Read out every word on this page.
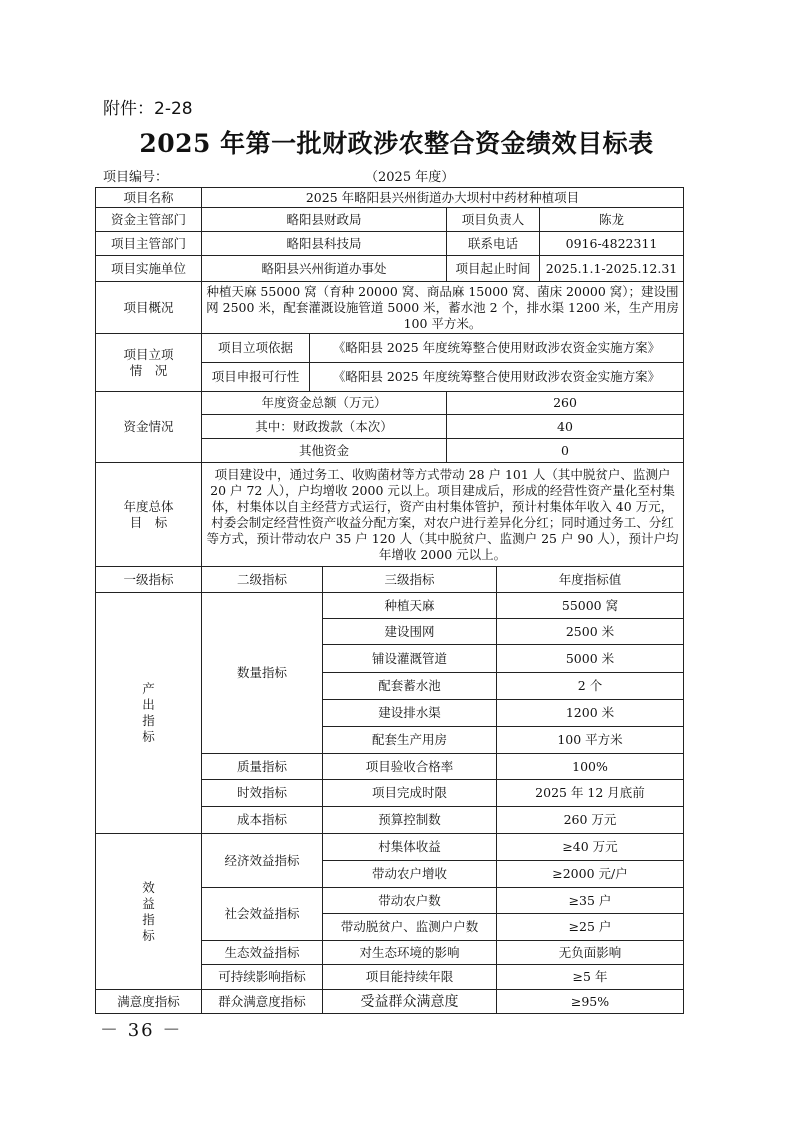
附件：2-28
2025 年第一批财政涉农整合资金绩效目标表
项目编号：	（2025 年度）
项目名称	2025 年略阳县兴州街道办大坝村中药材种植项目					
资金主管部门	略阳县财政局			项目负责人		陈龙
项目主管部门	略阳县科技局			联系电话		0916-4822311
项目实施单位	略阳县兴州街道办事处			项目起止时间		2025.1.1-2025.12.31
项目概况	种植天麻 55000 窝（育种 20000 窝、商品麻 15000 窝、菌床 20000 窝）；建设围网 2500 米，配套灌溉设施管道 5000 米，蓄水池 2 个，排水渠 1200 米，生产用房 100 平方米。					

项目立项
情　况	项目立项依据	《略阳县 2025 年度统筹整合使用财政涉农资金实施方案》				
	项目申报可行性	《略阳县 2025 年度统筹整合使用财政涉农资金实施方案》				
资金情况	年度资金总额（万元）			260		
	其中：财政拨款（本次）			40		
	其他资金			0		

年度总体
目　标	项目建设中，通过务工、收购菌材等方式带动 28 户 101 人（其中脱贫户、监测户 20 户 72 人），户均增收 2000 元以上。项目建成后，形成的经营性资产量化至村集体，村集体以自主经营方式运行，资产由村集体管护，预计村集体年收入 40 万元，村委会制定经营性资产收益分配方案，对农户进行差异化分红；同时通过务工、分红等方式，预计带动农户 35 户 120 人（其中脱贫户、监测户 25 户 90 人），预计户均年增收 2000 元以上。					
一级指标	二级指标		三级指标		年度指标值	

产
出
指
标	数量指标		种植天麻		55000 窝	
			建设围网		2500 米	
			铺设灌溉管道		5000 米	
			配套蓄水池		2 个	
			建设排水渠		1200 米	
			配套生产用房		100 平方米	
	质量指标		项目验收合格率		100%	
	时效指标		项目完成时限		2025 年 12 月底前	
	成本指标		预算控制数		260 万元	

效
益
指
标	经济效益指标		村集体收益		≥40 万元	
			带动农户增收		≥2000 元/户	
	社会效益指标		带动农户数		≥35 户	
			带动脱贫户、监测户户数		≥25 户	
	生态效益指标		对生态环境的影响		无负面影响	
	可持续影响指标		项目能持续年限		≥5 年	
满意度指标	群众满意度指标		受益群众满意度		≥95%	
－ 36 －
